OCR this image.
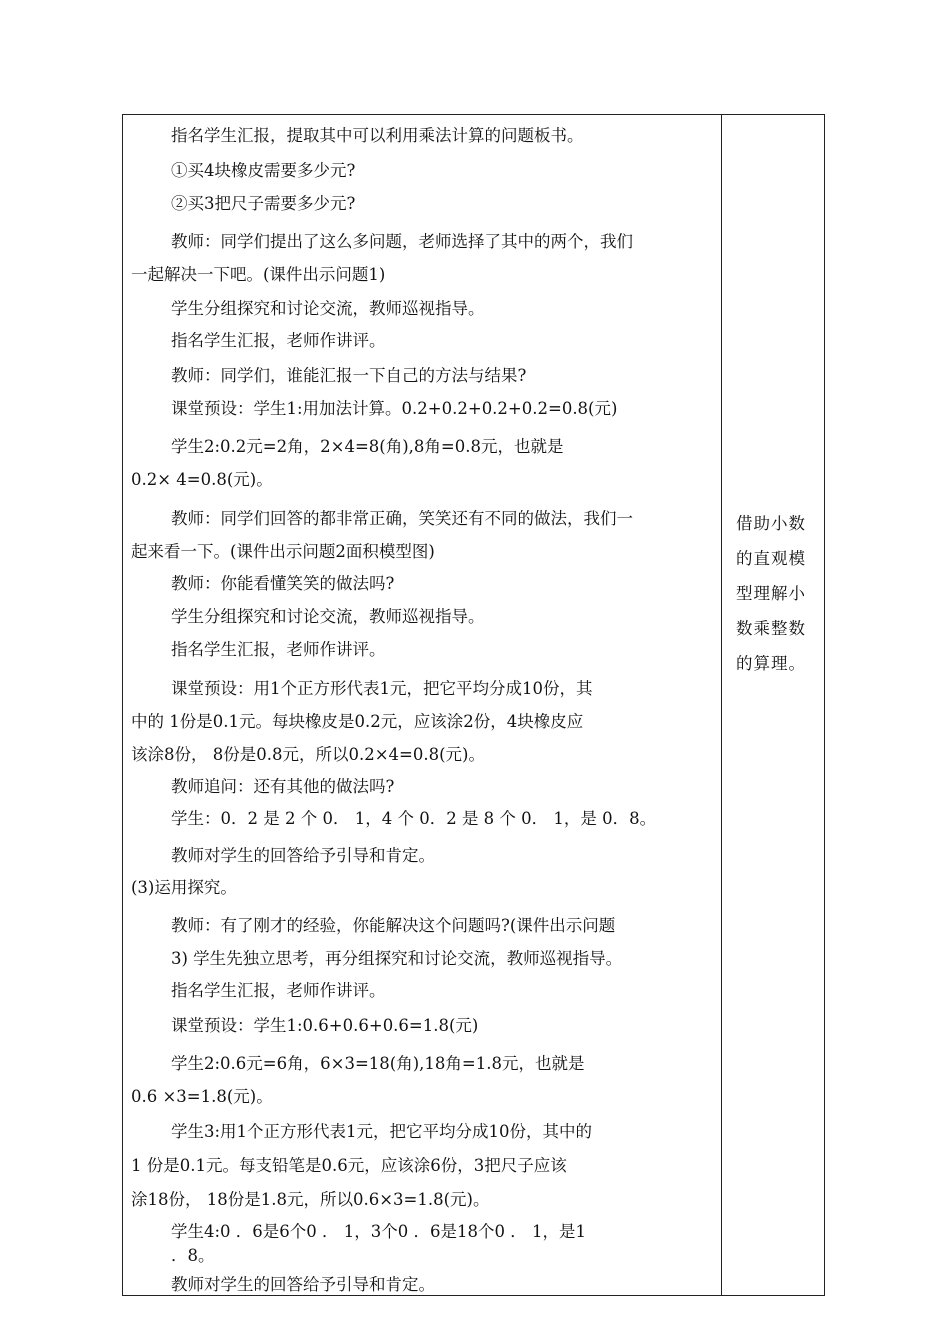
指名学生汇报，提取其中可以利用乘法计算的问题板书。
①买4块橡皮需要多少元?
②买3把尺子需要多少元?
教师：同学们提出了这么多问题，老师选择了其中的两个，我们
一起解决一下吧。(课件出示问题1)
学生分组探究和讨论交流，教师巡视指导。
指名学生汇报，老师作讲评。
教师：同学们，谁能汇报一下自己的方法与结果?
课堂预设：学生1:用加法计算。0.2+0.2+0.2+0.2=0.8(元)
学生2:0.2元=2角，2×4=8(角),8角=0.8元，也就是
0.2× 4=0.8(元)。
教师：同学们回答的都非常正确，笑笑还有不同的做法，我们一
起来看一下。(课件出示问题2面积模型图)
教师：你能看懂笑笑的做法吗?
学生分组探究和讨论交流，教师巡视指导。
指名学生汇报，老师作讲评。
课堂预设：用1个正方形代表1元，把它平均分成10份，其
中的 1份是0.1元。每块橡皮是0.2元，应该涂2份，4块橡皮应
该涂8份， 8份是0.8元，所以0.2×4=0.8(元)。
教师追问：还有其他的做法吗?
学生：0．2 是 2 个 0． 1，4 个 0．2 是 8 个 0． 1，是 0．8。
教师对学生的回答给予引导和肯定。
(3)运用探究。
教师：有了刚才的经验，你能解决这个问题吗?(课件出示问题
3) 学生先独立思考，再分组探究和讨论交流，教师巡视指导。
指名学生汇报，老师作讲评。
课堂预设：学生1:0.6+0.6+0.6=1.8(元)
学生2:0.6元=6角，6×3=18(角),18角=1.8元，也就是
0.6 ×3=1.8(元)。
学生3:用1个正方形代表1元，把它平均分成10份，其中的
1 份是0.1元。每支铅笔是0.6元，应该涂6份，3把尺子应该
涂18份， 18份是1.8元，所以0.6×3=1.8(元)。
学生4:0 ．6是6个0 ． 1，3个0 ．6是18个0 ． 1，是1
．8。
教师对学生的回答给予引导和肯定。
借助小数
的直观模
型理解小
数乘整数
的算理。
